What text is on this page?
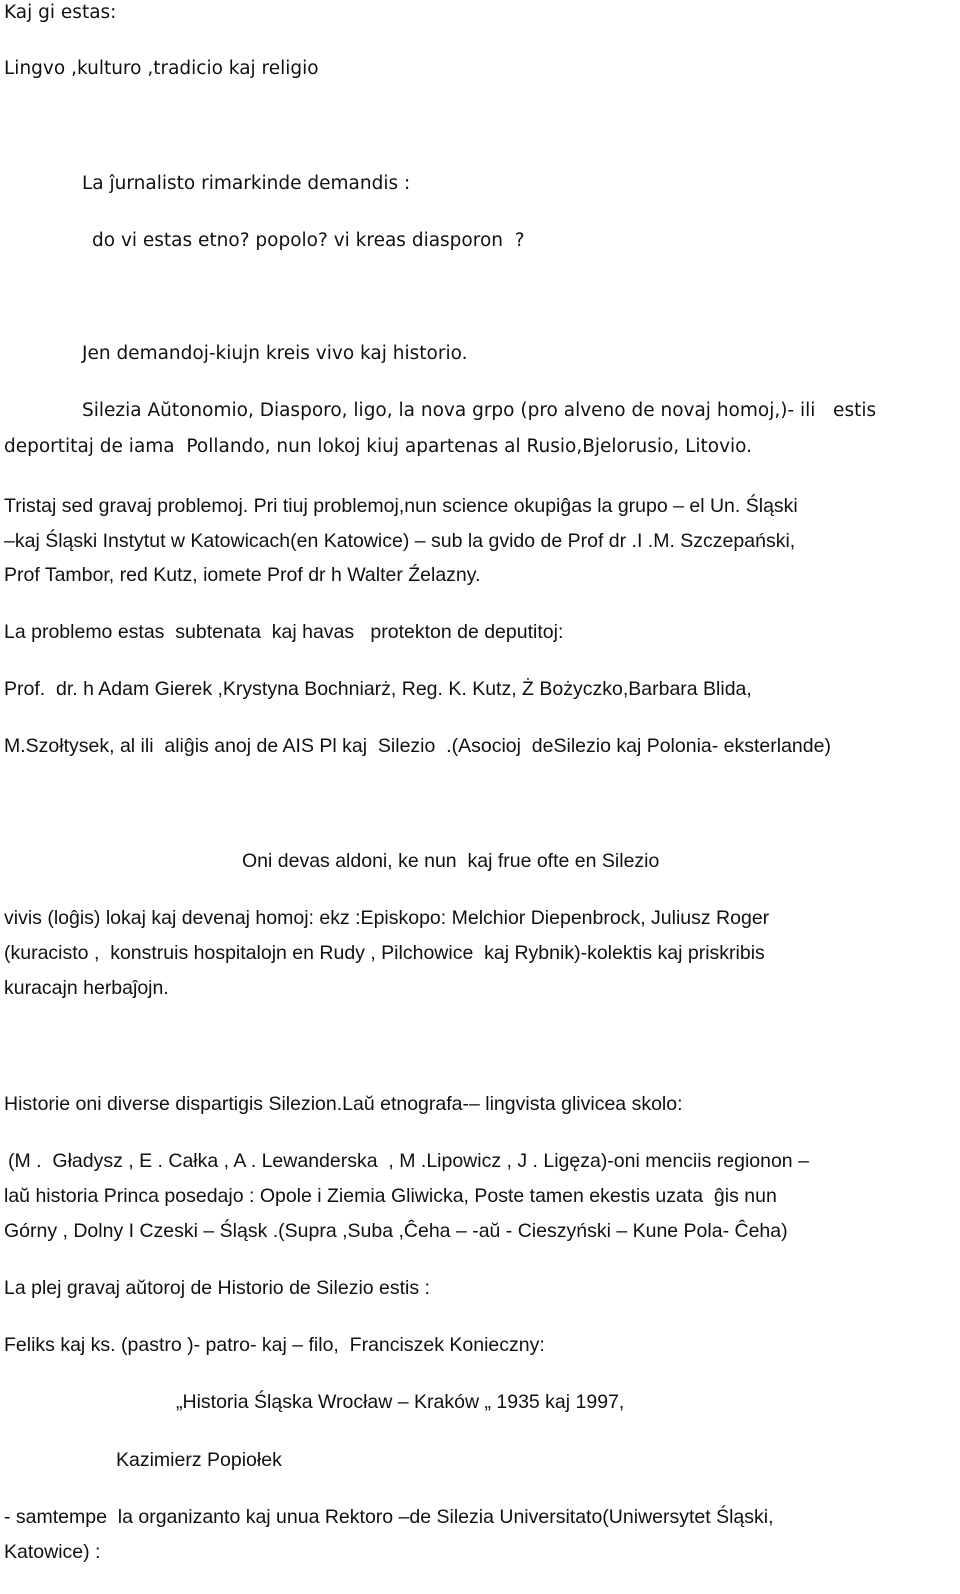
Kaj gi estas:

Lingvo ,kulturo ,tradicio kaj religio

La ĵurnalisto rimarkinde demandis :

do vi estas etno? popolo? vi kreas diasporon  ?

Jen demandoj-kiujn kreis vivo kaj historio.

Silezia Aŭtonomio, Diasporo, ligo, la nova grpo (pro alveno de novaj homoj,)- ili   estis

deportitaj de iama  Pollando, nun lokoj kiuj apartenas al Rusio,Bjelorusio, Litovio.

Tristaj sed gravaj problemoj. Pri tiuj problemoj,nun science okupiĝas la grupo – el Un. Śląski

–kaj Śląski Instytut w Katowicach(en Katowice) – sub la gvido de Prof dr .I .M. Szczepański,

Prof Tambor, red Kutz, iomete Prof dr h Walter Źelazny.

La problemo estas  subtenata  kaj havas   protekton de deputitoj:

Prof.  dr. h Adam Gierek ,Krystyna Bochniarż, Reg. K. Kutz, Ż Bożyczko,Barbara Blida,

M.Szołtysek, al ili  aliĝis anoj de AIS Pl kaj  Silezio  .(Asocioj  deSilezio kaj Polonia- eksterlande)

Oni devas aldoni, ke nun  kaj frue ofte en Silezio

vivis (loĝis) lokaj kaj devenaj homoj: ekz :Episkopo: Melchior Diepenbrock, Juliusz Roger

(kuracisto ,  konstruis hospitalojn en Rudy , Pilchowice  kaj Rybnik)-kolektis kaj priskribis

kuracajn herbaĵojn.

Historie oni diverse dispartigis Silezion.Laŭ etnografa-– lingvista glivicea skolo:

(M .  Gładysz , E . Całka , A . Lewanderska  , M .Lipowicz , J . Ligęza)-oni menciis regionon –

laŭ historia Princa posedajo : Opole i Ziemia Gliwicka, Poste tamen ekestis uzata  ĝis nun

Górny , Dolny I Czeski – Śląsk .(Supra ,Suba ,Ĉeha – -aŭ - Cieszyński – Kune Pola- Ĉeha)

La plej gravaj aŭtoroj de Historio de Silezio estis :

Feliks kaj ks. (pastro )- patro- kaj – filo,  Franciszek Konieczny:

„Historia Śląska Wrocław – Kraków „ 1935 kaj 1997,

Kazimierz Popiołek

- samtempe  la organizanto kaj unua Rektoro –de Silezia Universitato(Uniwersytet Śląski,

Katowice) :
